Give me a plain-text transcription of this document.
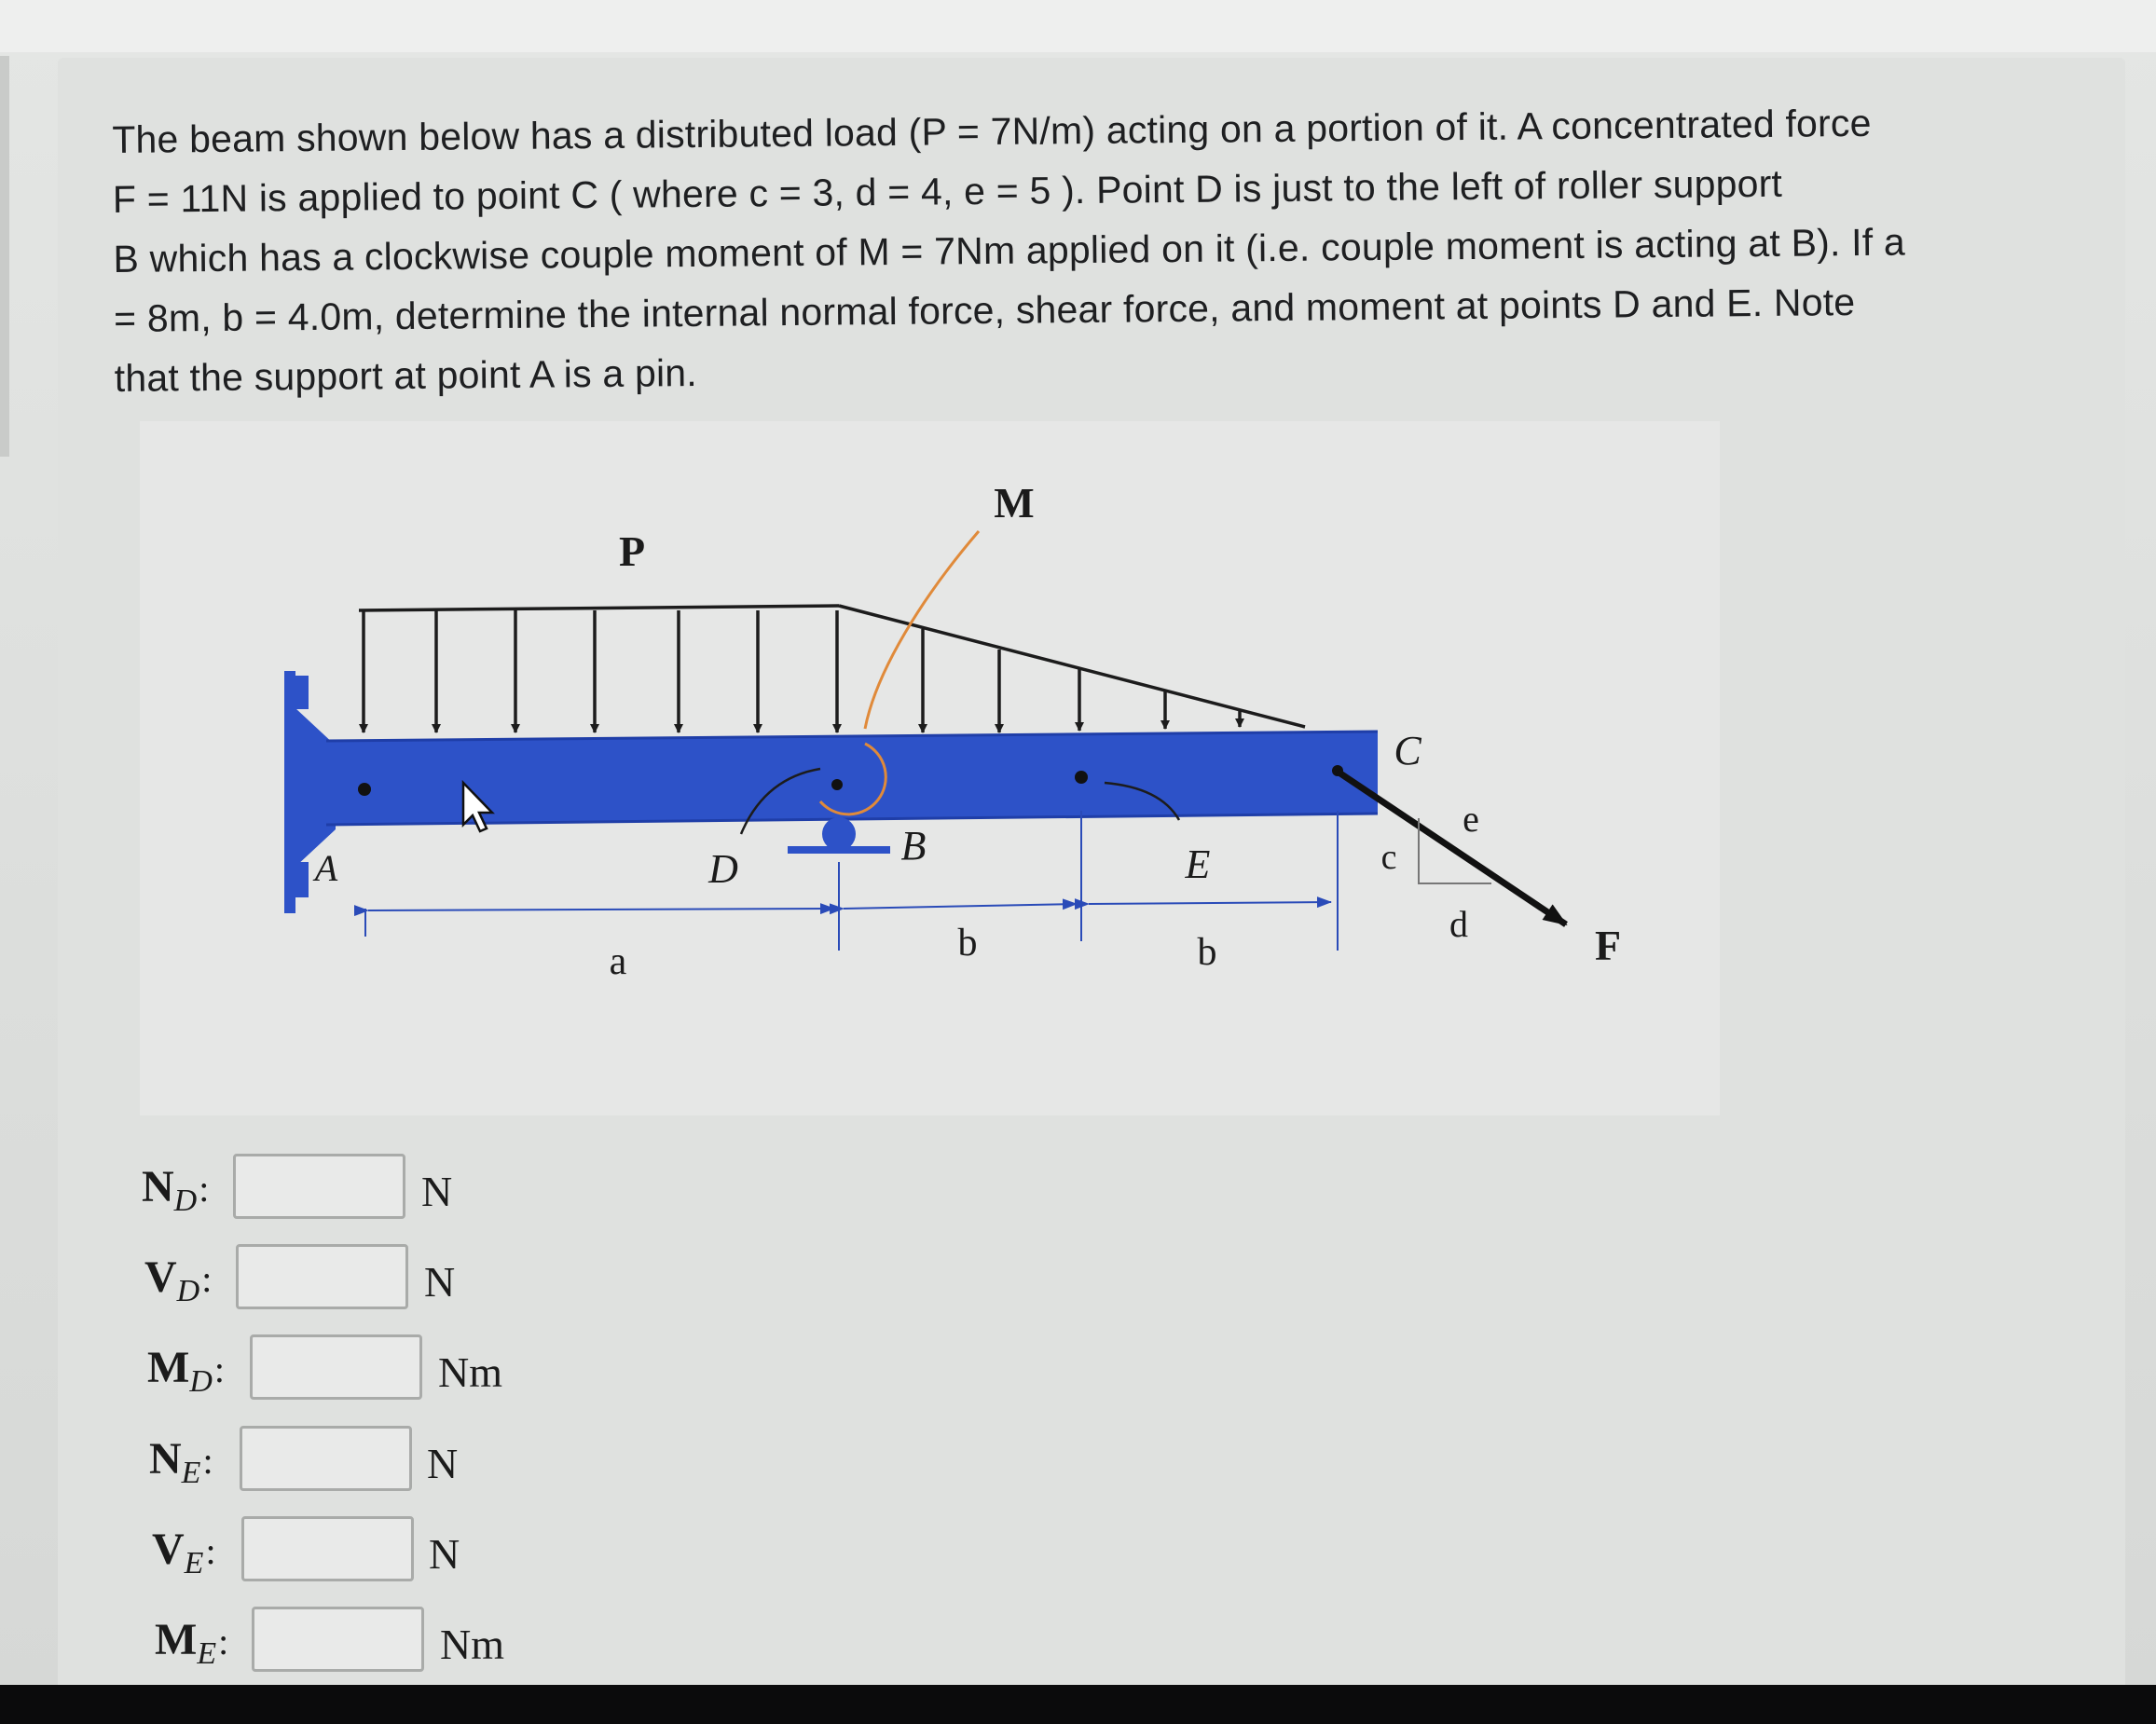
The beam shown below has a distributed load (P = 7N/m) acting on a portion of it. A concentrated force
F = 11N is applied to point C ( where c = 3, d = 4, e = 5 ). Point D is just to the left of roller support
B which has a clockwise couple moment of M = 7Nm applied on it (i.e. couple moment is acting at B). If a
= 8m, b = 4.0m, determine the internal normal force, shear force, and moment at points D and E. Note
that the support at point A is a pin.
P
M
A	D
B	E
C
F
a	b	b
c
d
e
$N_D$:	N
$V_D$:	N
$M_D$:	Nm
$N_E$:	N
$V_E$:	N
$M_E$:	Nm
